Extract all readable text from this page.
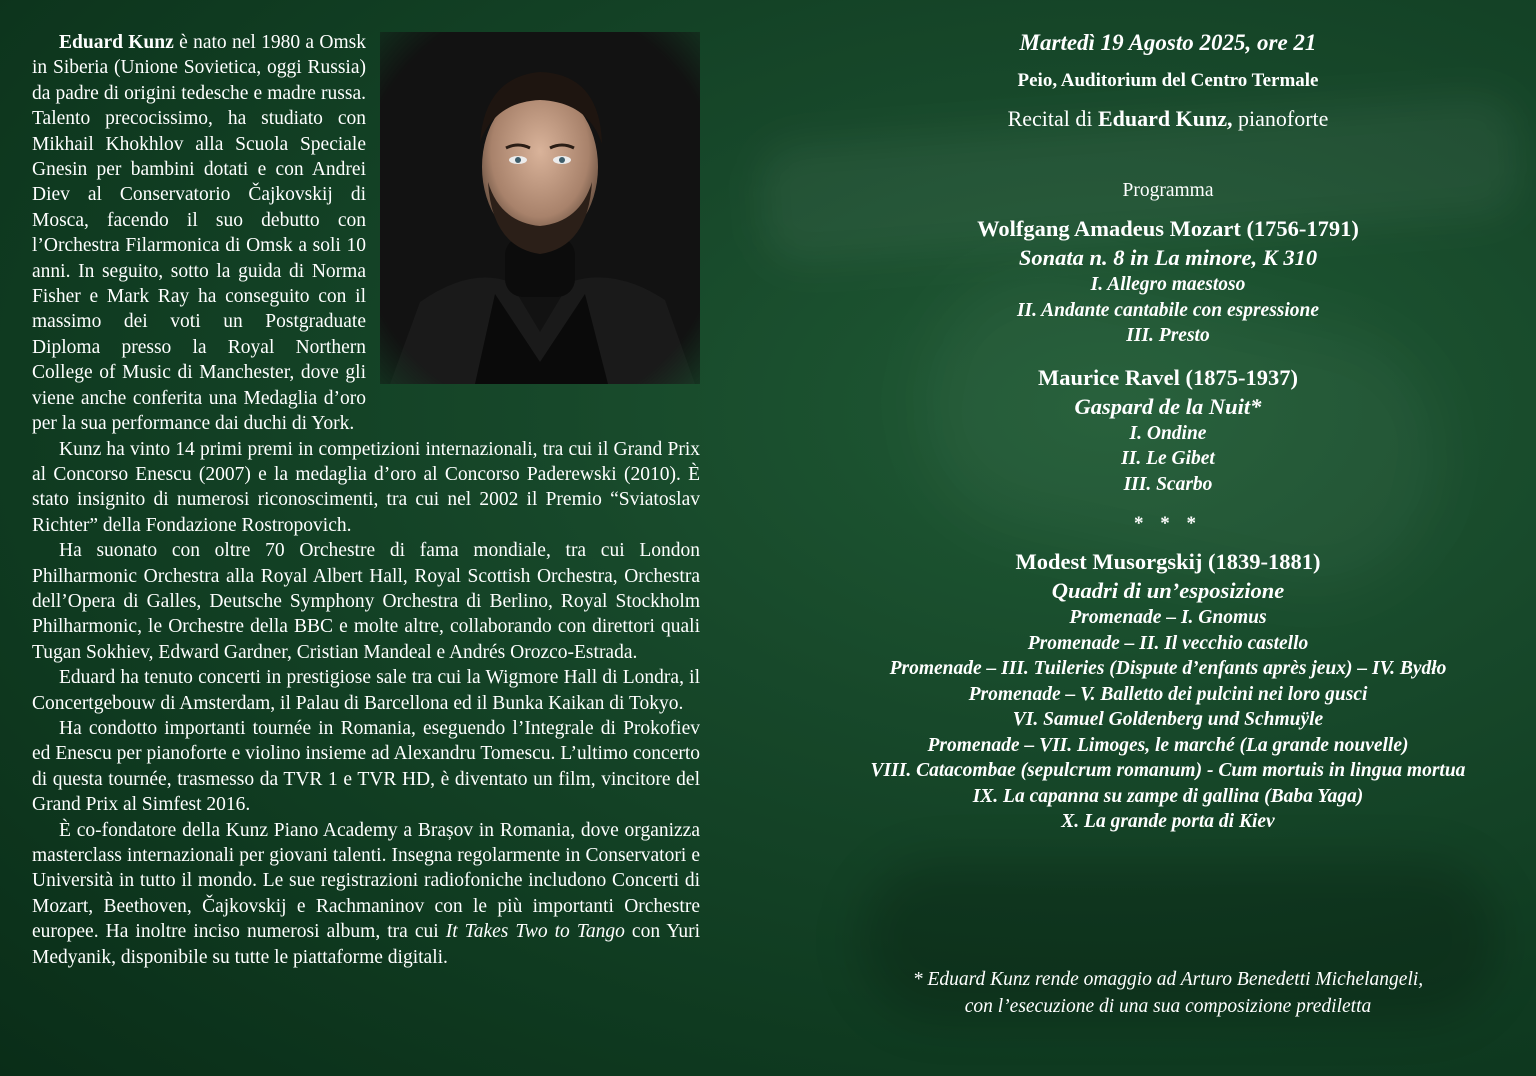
Eduard Kunz è nato nel 1980 a Omsk in Siberia (Unione Sovietica, oggi Russia) da padre di origini tedesche e madre russa. Talento precocissimo, ha studiato con Mikhail Khokhlov alla Scuola Speciale Gnesin per bambini dotati e con Andrei Diev al Conservatorio Čajkovskij di Mosca, facendo il suo debutto con l’Orchestra Filarmonica di Omsk a soli 10 anni. In seguito, sotto la guida di Norma Fisher e Mark Ray ha conseguito con il massimo dei voti un Postgraduate Diploma presso la Royal Northern College of Music di Manchester, dove gli viene anche conferita una Medaglia d’oro per la sua performance dai duchi di York.

Kunz ha vinto 14 primi premi in competizioni internazionali, tra cui il Grand Prix al Concorso Enescu (2007) e la medaglia d’oro al Concorso Paderewski (2010). È stato insignito di numerosi riconoscimenti, tra cui nel 2002 il Premio “Sviatoslav Richter” della Fondazione Rostropovich.

Ha suonato con oltre 70 Orchestre di fama mondiale, tra cui London Philharmonic Orchestra alla Royal Albert Hall, Royal Scottish Orchestra, Orchestra dell’Opera di Galles, Deutsche Symphony Orchestra di Berlino, Royal Stockholm Philharmonic, le Orchestre della BBC e molte altre, collaborando con direttori quali Tugan Sokhiev, Edward Gardner, Cristian Mandeal e Andrés Orozco-Estrada.

Eduard ha tenuto concerti in prestigiose sale tra cui la Wigmore Hall di Londra, il Concertgebouw di Amsterdam, il Palau di Barcellona ed il Bunka Kaikan di Tokyo.

Ha condotto importanti tournée in Romania, eseguendo l’Integrale di Prokofiev ed Enescu per pianoforte e violino insieme ad Alexandru Tomescu. L’ultimo concerto di questa tournée, trasmesso da TVR 1 e TVR HD, è diventato un film, vincitore del Grand Prix al Simfest 2016.

È co-fondatore della Kunz Piano Academy a Brașov in Romania, dove organizza masterclass internazionali per giovani talenti. Insegna regolarmente in Conservatori e Università in tutto il mondo. Le sue registrazioni radiofoniche includono Concerti di Mozart, Beethoven, Čajkovskij e Rachmaninov con le più importanti Orchestre europee. Ha inoltre inciso numerosi album, tra cui It Takes Two to Tango con Yuri Medyanik, disponibile su tutte le piattaforme digitali.

Martedì 19 Agosto 2025, ore 21

Peio, Auditorium del Centro Termale

Recital di Eduard Kunz, pianoforte

Programma

Wolfgang Amadeus Mozart (1756-1791)

Sonata n. 8 in La minore, K 310

I. Allegro maestoso

II. Andante cantabile con espressione

III. Presto

Maurice Ravel (1875-1937)

Gaspard de la Nuit*

I. Ondine

II. Le Gibet

III. Scarbo

* * *

Modest Musorgskij (1839-1881)

Quadri di un’esposizione

Promenade – I. Gnomus

Promenade – II. Il vecchio castello

Promenade – III. Tuileries (Dispute d’enfants après jeux) – IV. Bydło

Promenade – V. Balletto dei pulcini nei loro gusci

VI. Samuel Goldenberg und Schmuÿle

Promenade – VII. Limoges, le marché (La grande nouvelle)

VIII. Catacombae (sepulcrum romanum) - Cum mortuis in lingua mortua

IX. La capanna su zampe di gallina (Baba Yaga)

X. La grande porta di Kiev

* Eduard Kunz rende omaggio ad Arturo Benedetti Michelangeli,
con l’esecuzione di una sua composizione prediletta
